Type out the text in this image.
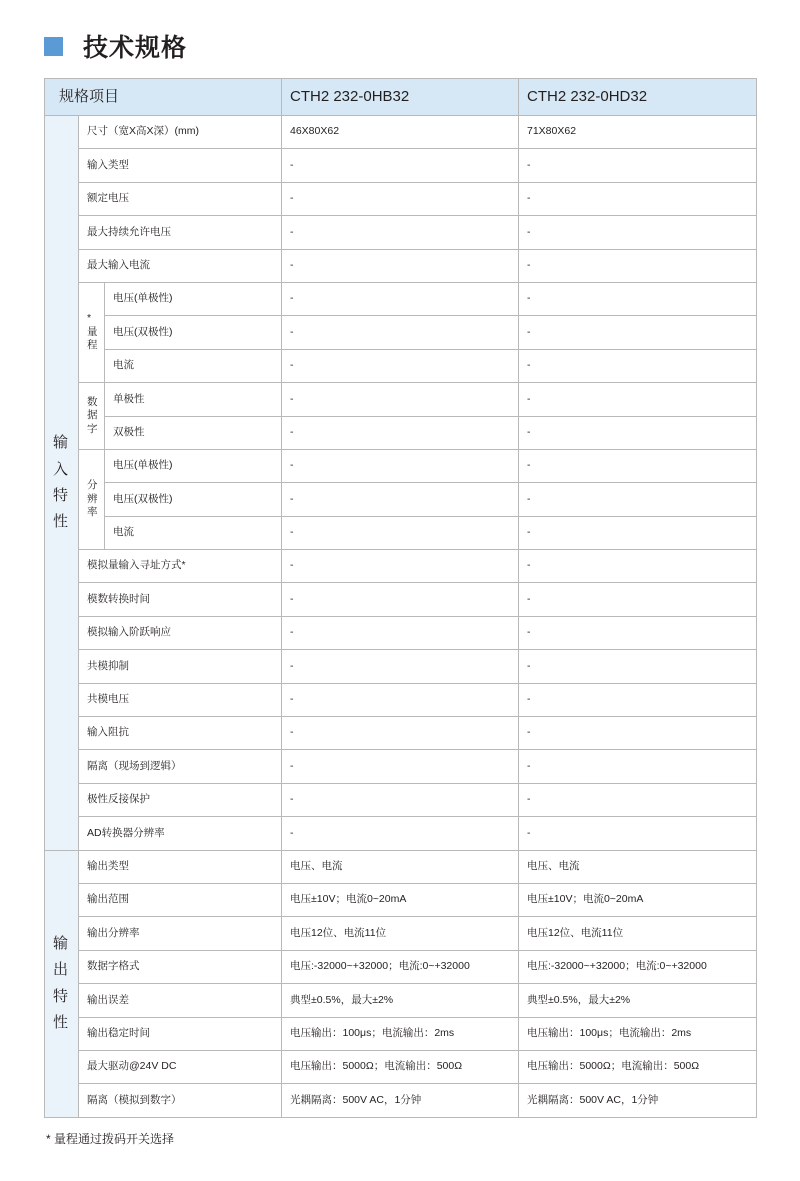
技术规格
规格项目			CTH2 232-0HB32	CTH2 232-0HD32

输
入
特
性	尺寸（宽X高X深）(mm)		46X80X62	71X80X62
	输入类型		-	-
	额定电压		-	-
	最大持续允许电压		-	-
	最大输入电流		-	-

	*
量
程	电压(单极性)	-	-
		电压(双极性)	-	-
		电流	-	-

	数
据
字	单极性	-	-
		双极性	-	-

	分
辨
率	电压(单极性)	-	-
		电压(双极性)	-	-
		电流	-	-
	模拟量输入寻址方式*		-	-
	模数转换时间		-	-
	模拟输入阶跃响应		-	-
	共模抑制		-	-
	共模电压		-	-
	输入阻抗		-	-
	隔离（现场到逻辑）		-	-
	极性反接保护		-	-
	AD转换器分辨率		-	-

输
出
特
性	输出类型		电压、电流	电压、电流
	输出范围		电压±10V；电流0~20mA	电压±10V；电流0~20mA
	输出分辨率		电压12位、电流11位	电压12位、电流11位
	数据字格式		电压:-32000~+32000；电流:0~+32000	电压:-32000~+32000；电流:0~+32000
	输出误差		典型±0.5%，最大±2%	典型±0.5%，最大±2%
	输出稳定时间		电压输出：100μs；电流输出：2ms	电压输出：100μs；电流输出：2ms
	最大驱动@24V DC		电压输出：5000Ω；电流输出：500Ω	电压输出：5000Ω；电流输出：500Ω
	隔离（模拟到数字）		光耦隔离：500V AC，1分钟	光耦隔离：500V AC，1分钟
* 量程通过拨码开关选择
